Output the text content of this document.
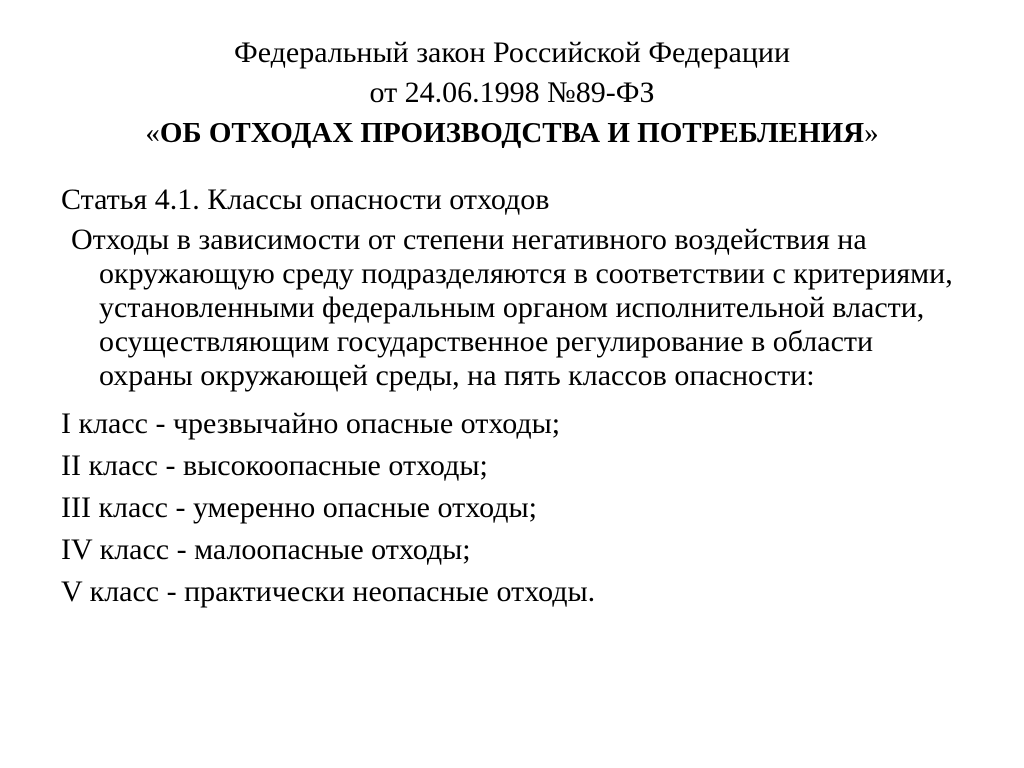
Федеральный закон Российской Федерации
от 24.06.1998 №89-ФЗ
«ОБ ОТХОДАХ ПРОИЗВОДСТВА И ПОТРЕБЛЕНИЯ»
Статья 4.1. Классы опасности отходов
Отходы в зависимости от степени негативного воздействия на окружающую среду подразделяются в соответствии с критериями, установленными федеральным органом исполнительной власти, осуществляющим государственное регулирование в области охраны окружающей среды, на пять классов опасности:
I класс - чрезвычайно опасные отходы;
II класс - высокоопасные отходы;
III класс - умеренно опасные отходы;
IV класс - малоопасные отходы;
V класс - практически неопасные отходы.
